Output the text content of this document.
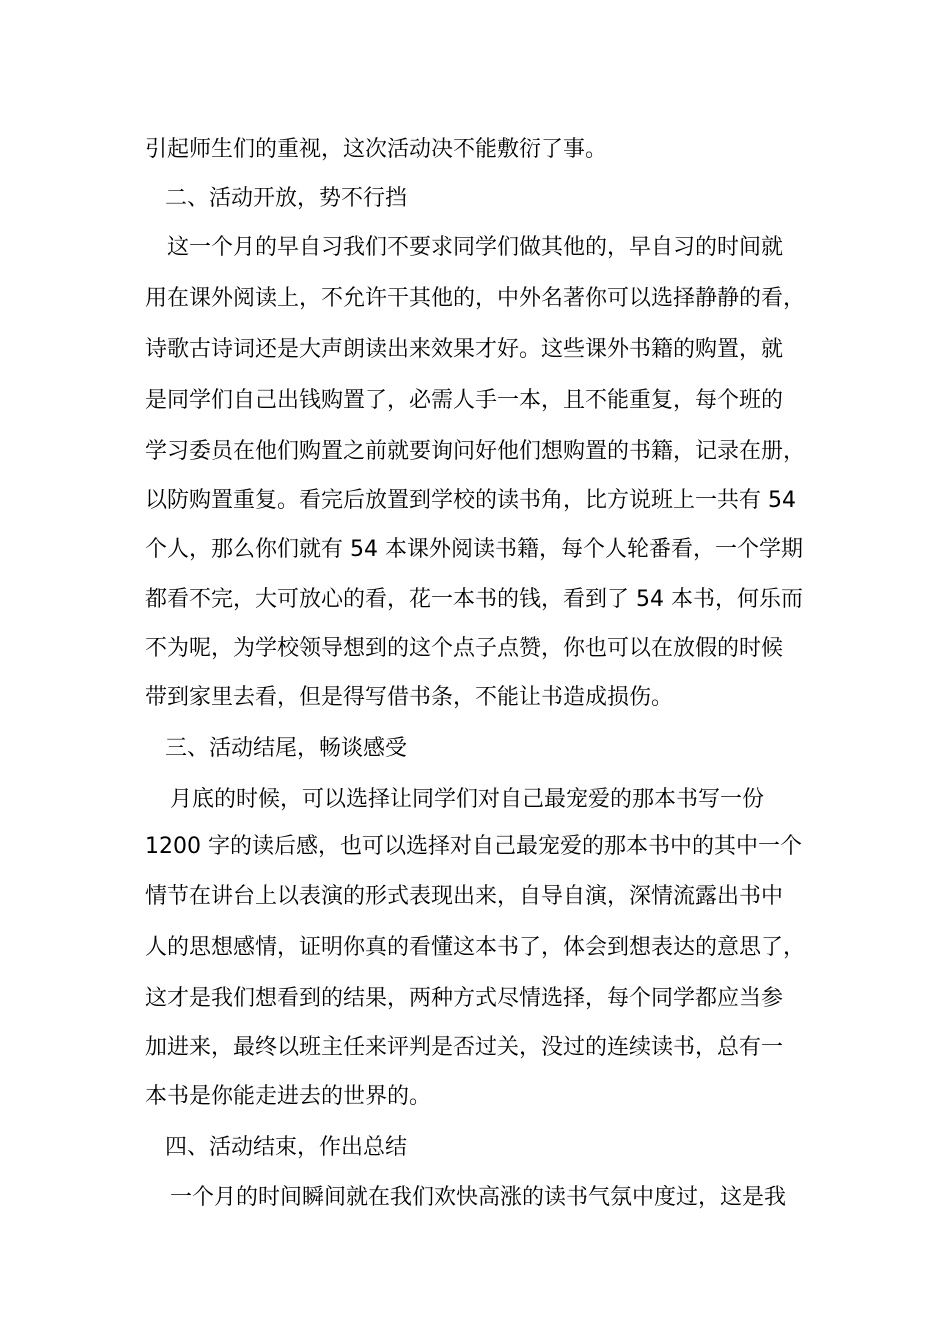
引起师生们的重视，这次活动决不能敷衍了事。

二、活动开放，势不行挡

这一个月的早自习我们不要求同学们做其他的，早自习的时间就

用在课外阅读上，不允许干其他的，中外名著你可以选择静静的看，

诗歌古诗词还是大声朗读出来效果才好。这些课外书籍的购置，就

是同学们自己出钱购置了，必需人手一本，且不能重复，每个班的

学习委员在他们购置之前就要询问好他们想购置的书籍，记录在册，

以防购置重复。看完后放置到学校的读书角，比方说班上一共有 54

个人，那么你们就有 54 本课外阅读书籍，每个人轮番看，一个学期

都看不完，大可放心的看，花一本书的钱，看到了 54 本书，何乐而

不为呢，为学校领导想到的这个点子点赞，你也可以在放假的时候

带到家里去看，但是得写借书条，不能让书造成损伤。

三、活动结尾，畅谈感受

月底的时候，可以选择让同学们对自己最宠爱的那本书写一份

1200 字的读后感，也可以选择对自己最宠爱的那本书中的其中一个

情节在讲台上以表演的形式表现出来，自导自演，深情流露出书中

人的思想感情，证明你真的看懂这本书了，体会到想表达的意思了，

这才是我们想看到的结果，两种方式尽情选择，每个同学都应当参

加进来，最终以班主任来评判是否过关，没过的连续读书，总有一

本书是你能走进去的世界的。

四、活动结束，作出总结

一个月的时间瞬间就在我们欢快高涨的读书气氛中度过，这是我
